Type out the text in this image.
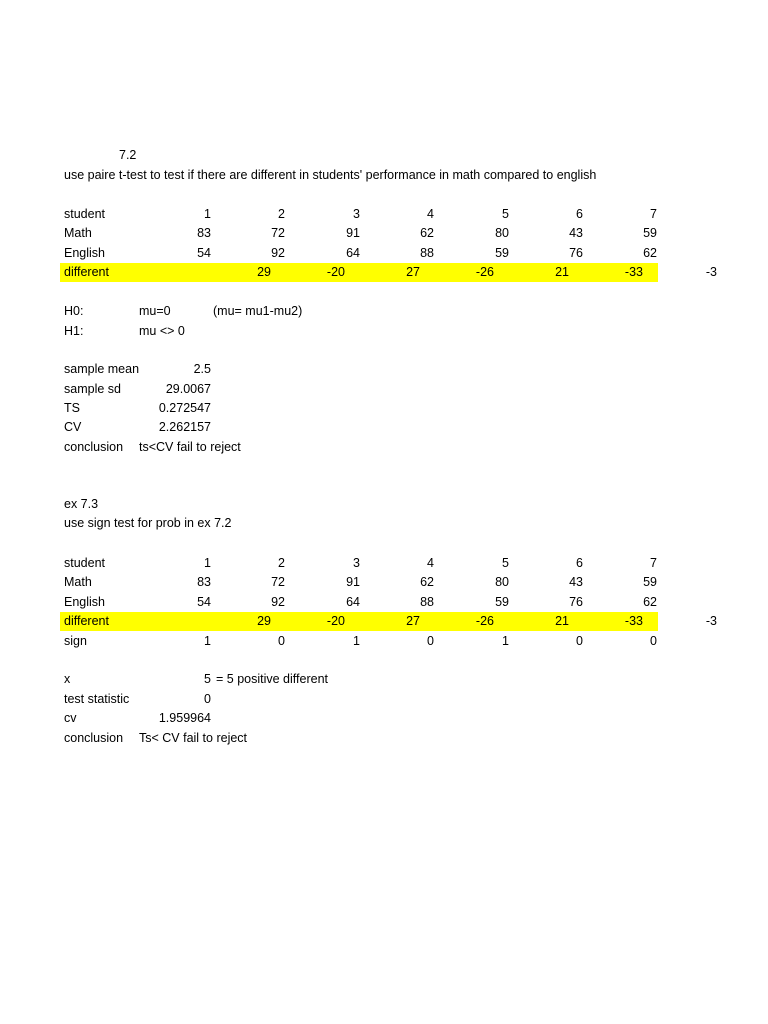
7.2
use paire t-test to test if there are different in students' performance in math compared to english
student	1	2	3	4	5	6	7
Math	83	72	91	62	80	43	59
English	54	92	64	88	59	76	62
different	29	-20	27	-26	21	-33	-3
H0:	mu=0	(mu= mu1-mu2)
H1:	mu <> 0
sample mean	2.5
sample sd	29.0067
TS	0.272547
CV	2.262157
conclusion	ts<CV fail to reject
ex 7.3
use sign test for prob in ex 7.2
student	1	2	3	4	5	6	7
Math	83	72	91	62	80	43	59
English	54	92	64	88	59	76	62
different	29	-20	27	-26	21	-33	-3
sign	1	0	1	0	1	0	0
x	5 = 5 positive different
test statistic	0
cv	1.959964
conclusion	Ts< CV fail to reject
